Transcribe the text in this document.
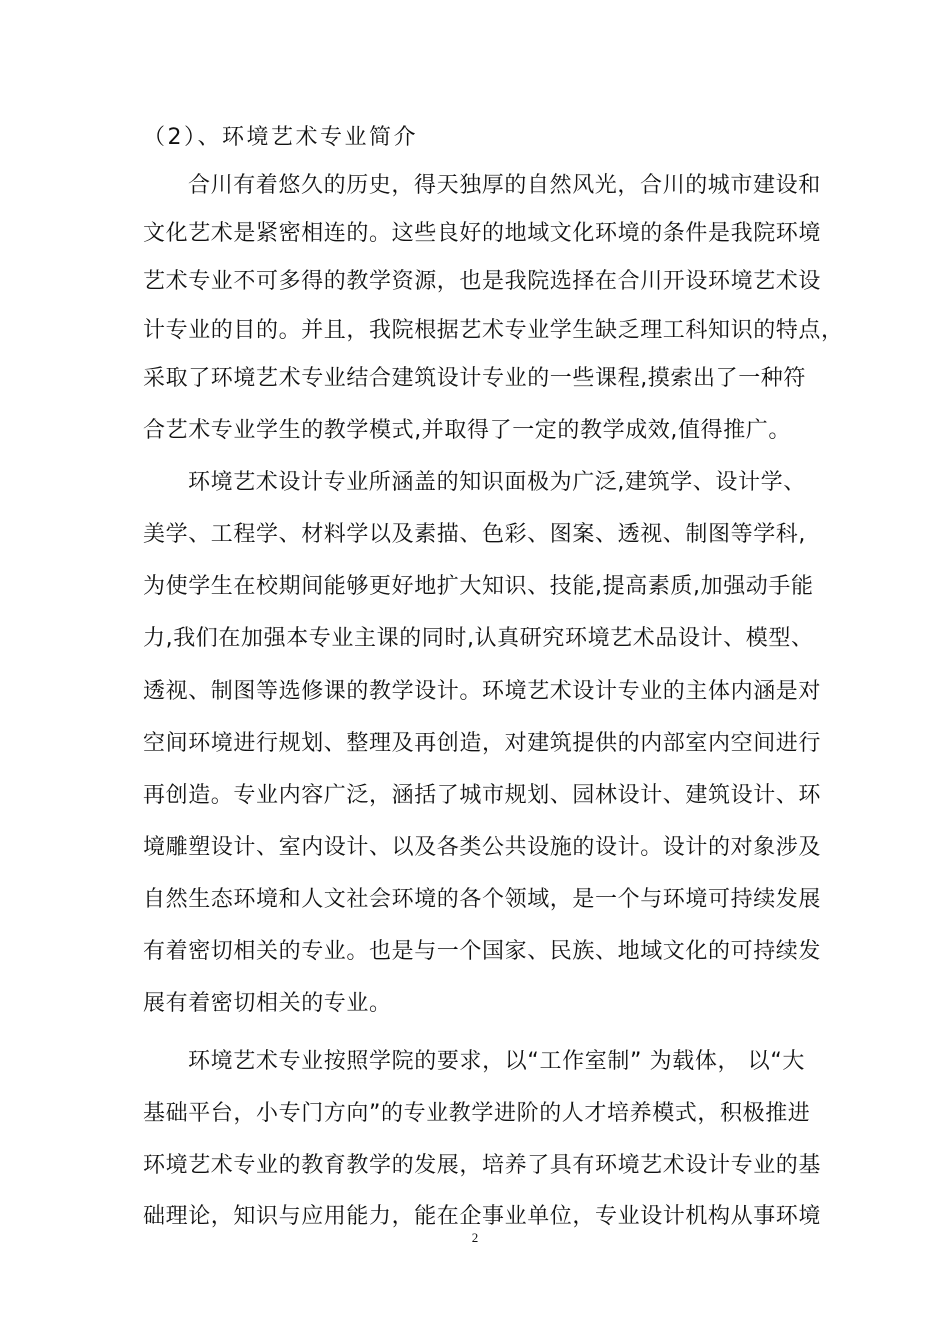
（2）、环境艺术专业简介
合川有着悠久的历史，得天独厚的自然风光，合川的城市建设和
文化艺术是紧密相连的。这些良好的地域文化环境的条件是我院环境
艺术专业不可多得的教学资源，也是我院选择在合川开设环境艺术设
计专业的目的。并且，我院根据艺术专业学生缺乏理工科知识的特点，
采取了环境艺术专业结合建筑设计专业的一些课程,摸索出了一种符
合艺术专业学生的教学模式,并取得了一定的教学成效,值得推广。
环境艺术设计专业所涵盖的知识面极为广泛,建筑学、设计学、
美学、工程学、材料学以及素描、色彩、图案、透视、制图等学科,
为使学生在校期间能够更好地扩大知识、技能,提高素质,加强动手能
力,我们在加强本专业主课的同时,认真研究环境艺术品设计、模型、
透视、制图等选修课的教学设计。环境艺术设计专业的主体内涵是对
空间环境进行规划、整理及再创造，对建筑提供的内部室内空间进行
再创造。专业内容广泛，涵括了城市规划、园林设计、建筑设计、环
境雕塑设计、室内设计、以及各类公共设施的设计。设计的对象涉及
自然生态环境和人文社会环境的各个领域，是一个与环境可持续发展
有着密切相关的专业。也是与一个国家、民族、地域文化的可持续发
展有着密切相关的专业。
环境艺术专业按照学院的要求，以“工作室制” 为载体， 以“大
基础平台，小专门方向”的专业教学进阶的人才培养模式，积极推进
环境艺术专业的教育教学的发展，培养了具有环境艺术设计专业的基
础理论，知识与应用能力，能在企事业单位，专业设计机构从事环境
2
